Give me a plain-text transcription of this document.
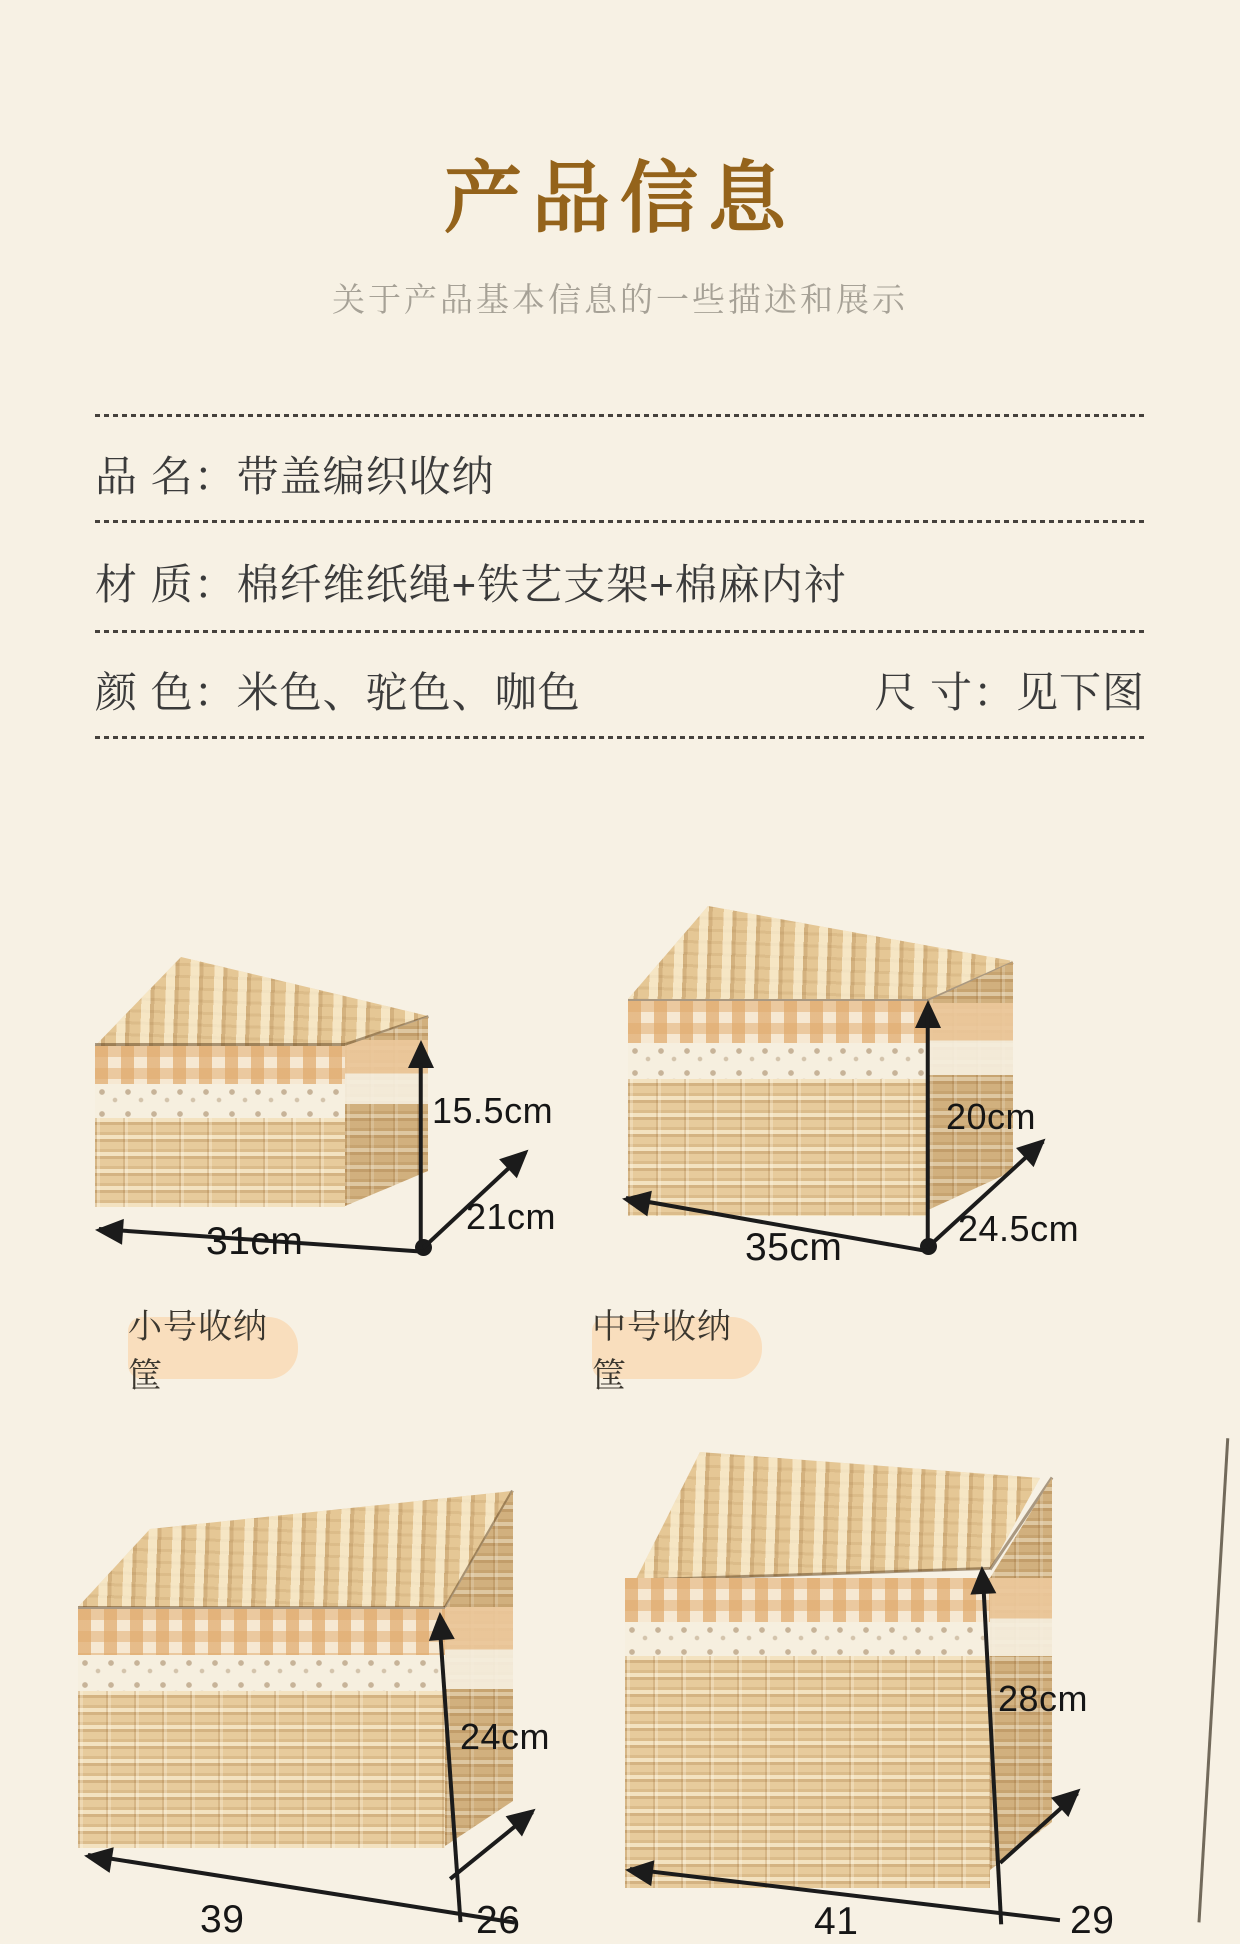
产品信息
关于产品基本信息的一些描述和展示
品 名：带盖编织收纳
材 质：棉纤维纸绳+铁艺支架+棉麻内衬
颜 色：米色、驼色、咖色	尺 寸：见下图
15.5cm
21cm
31cm
小号收纳筐
20cm
24.5cm
35cm
中号收纳筐
24cm
26
39
28cm
29
41
